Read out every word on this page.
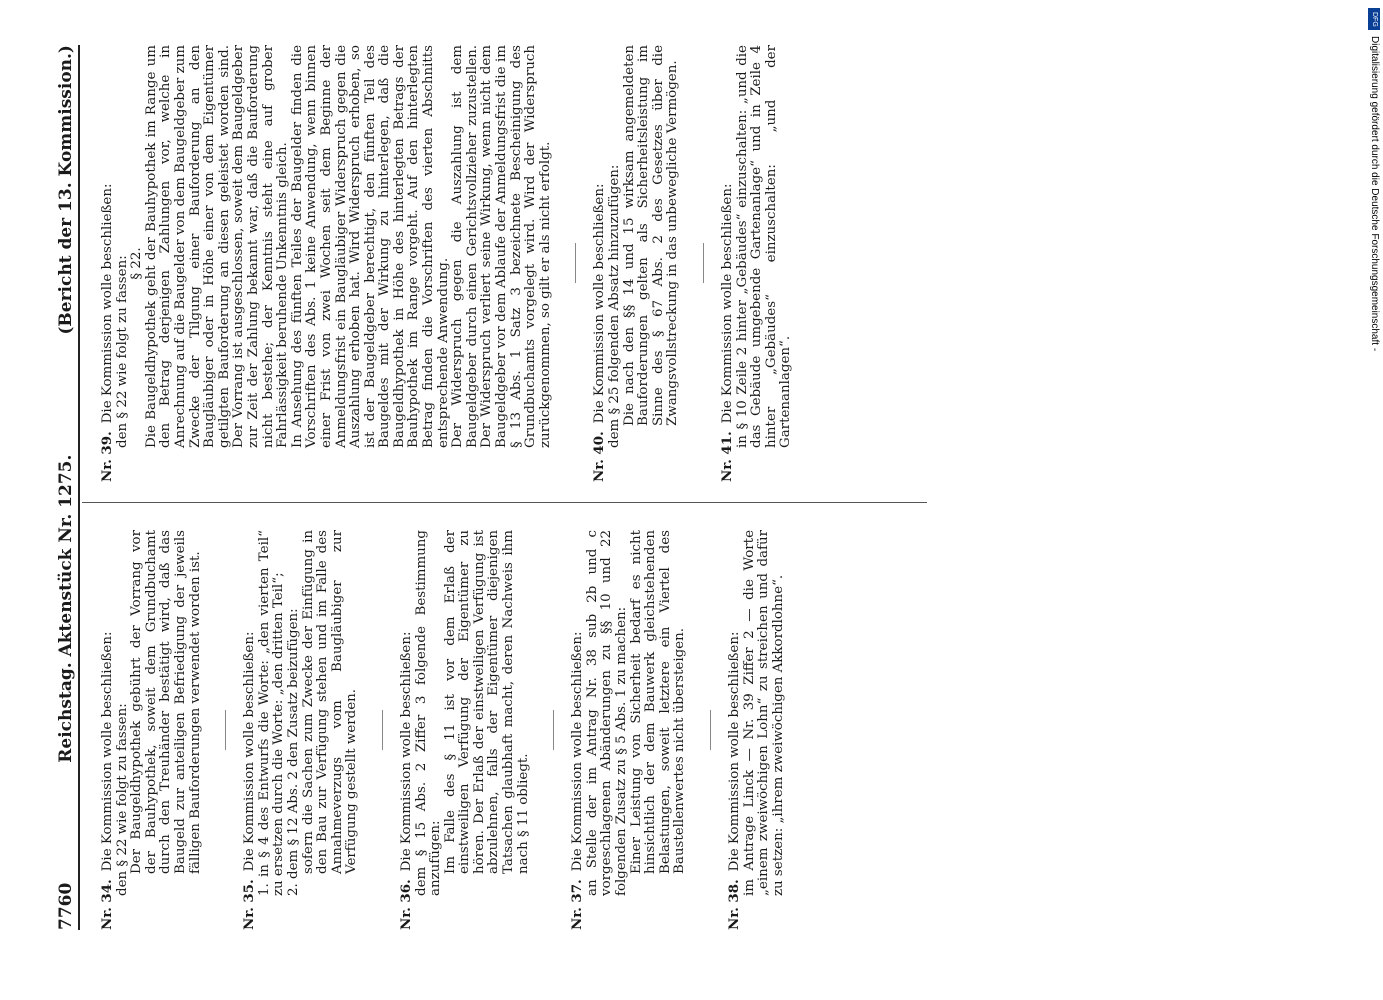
7760
Reichstag. Aktenstück Nr. 1275.
(Bericht der 13. Kommission.)

Nr. 34.Die Kommission wolle beschließen: den § 22 wie folgt zu fassen: Der Baugeldhypothek gebührt der Vorrang vor der Bauhypothek, soweit dem Grundbuchamt durch den Treuhänder bestätigt wird, daß das Baugeld zur anteiligen Befriedigung der jeweils fälligen Bauforderungen verwendet worden ist.

Nr. 35.Die Kommission wolle beschließen: 1. in § 4 des Entwurfs die Worte: „den vierten Teil“ zu ersetzen durch die Worte: „den dritten Teil“; 2. dem § 12 Abs. 2 den Zusatz beizufügen: sofern die Sachen zum Zwecke der Einfügung in den Bau zur Verfügung stehen und im Falle des Annahmeverzugs vom Baugläubiger zur Verfügung gestellt werden.

Nr. 36.Die Kommission wolle beschließen: dem § 15 Abs. 2 Ziffer 3 folgende Bestimmung anzufügen: Im Falle des § 11 ist vor dem Erlaß der einstweiligen Verfügung der Eigentümer zu hören. Der Erlaß der einstweiligen Verfügung ist abzulehnen, falls der Eigentümer diejenigen Tatsachen glaubhaft macht, deren Nachweis ihm nach § 11 obliegt.

Nr. 37.Die Kommission wolle beschließen: an Stelle der im Antrag Nr. 38 sub 2b und c vorgeschlagenen Abänderungen zu §§ 10 und 22 folgenden Zusatz zu § 5 Abs. 1 zu machen: Einer Leistung von Sicherheit bedarf es nicht hinsichtlich der dem Bauwerk gleichstehenden Belastungen, soweit letztere ein Viertel des Baustellenwertes nicht übersteigen.

Nr. 38.Die Kommission wolle beschließen: im Antrage Linck — Nr. 39 Ziffer 2 — die Worte „einem zweiwöchigen Lohn“ zu streichen und dafür zu setzen: „ihrem zweiwöchigen Akkordlohne“.

Nr. 39.Die Kommission wolle beschließen: den § 22 wie folgt zu fassen: § 22. Die Baugeldhypothek geht der Bauhypothek im Range um den Betrag derjenigen Zahlungen vor, welche in Anrechnung auf die Baugelder von dem Baugeldgeber zum Zwecke der Tilgung einer Bauforderung an den Baugläubiger oder in Höhe einer von dem Eigentümer getilgten Bauforderung an diesen geleistet worden sind. Der Vorrang ist ausgeschlossen, soweit dem Baugeldgeber zur Zeit der Zahlung bekannt war, daß die Bauforderung nicht bestehe; der Kenntnis steht eine auf grober Fahrlässigkeit beruhende Unkenntnis gleich. In Ansehung des fünften Teiles der Baugelder finden die Vorschriften des Abs. 1 keine Anwendung, wenn binnen einer Frist von zwei Wochen seit dem Beginne der Anmeldungsfrist ein Baugläubiger Widerspruch gegen die Auszahlung erhoben hat. Wird Widerspruch erhoben, so ist der Baugeldgeber berechtigt, den fünften Teil des Baugeldes mit der Wirkung zu hinterlegen, daß die Baugeldhypothek in Höhe des hinterlegten Betrags der Bauhypothek im Range vorgeht. Auf den hinterlegten Betrag finden die Vorschriften des vierten Abschnitts entsprechende Anwendung. Der Widerspruch gegen die Auszahlung ist dem Baugeldgeber durch einen Gerichtsvollzieher zuzustellen. Der Widerspruch verliert seine Wirkung, wenn nicht dem Baugeldgeber vor dem Ablaufe der Anmeldungsfrist die im § 13 Abs. 1 Satz 3 bezeichnete Bescheinigung des Grundbuchamts vorgelegt wird. Wird der Widerspruch zurückgenommen, so gilt er als nicht erfolgt.

Nr. 40.Die Kommission wolle beschließen: dem § 25 folgenden Absatz hinzuzufügen: Die nach den §§ 14 und 15 wirksam angemeldeten Bauforderungen gelten als Sicherheitsleistung im Sinne des § 67 Abs. 2 des Gesetzes über die Zwangsvollstreckung in das unbewegliche Vermögen.

Nr. 41.Die Kommission wolle beschließen: in § 10 Zeile 2 hinter „Gebäudes“ einzuschalten: „und die das Gebäude umgebende Gartenanlage“ und in Zeile 4 hinter „Gebäudes“ einzuschalten: „und der Gartenanlagen“.

DFG
Digitalisierung gefördert durch die Deutsche Forschungsgemeinschaft -
